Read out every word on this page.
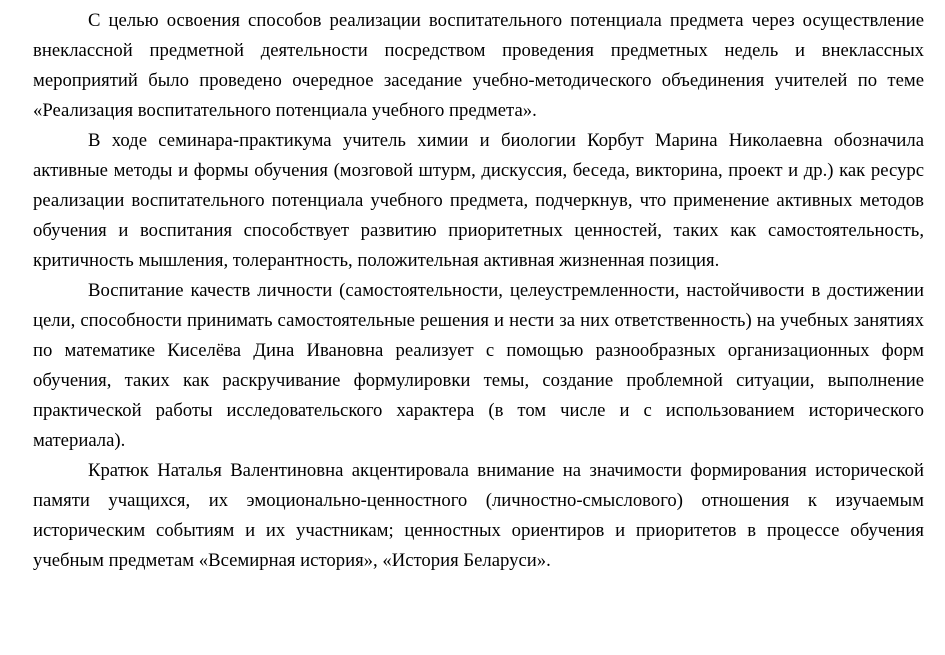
С целью освоения способов реализации воспитательного потенциала предмета через осуществление внеклассной предметной деятельности посредством проведения предметных недель и внеклассных мероприятий было проведено очередное заседание учебно-методического объединения учителей по теме «Реализация воспитательного потенциала учебного предмета».

В ходе семинара-практикума учитель химии и биологии Корбут Марина Николаевна обозначила активные методы и формы обучения (мозговой штурм, дискуссия, беседа, викторина, проект и др.) как ресурс реализации воспитательного потенциала учебного предмета, подчеркнув, что применение активных методов обучения и воспитания способствует развитию приоритетных ценностей, таких как самостоятельность, критичность мышления, толерантность, положительная активная жизненная позиция.

Воспитание качеств личности (самостоятельности, целеустремленности, настойчивости в достижении цели, способности принимать самостоятельные решения и нести за них ответственность) на учебных занятиях по математике Киселёва Дина Ивановна реализует с помощью разнообразных организационных форм обучения, таких как раскручивание формулировки темы, создание проблемной ситуации, выполнение практической работы исследовательского характера (в том числе и с использованием исторического материала).

Кратюк Наталья Валентиновна акцентировала внимание на значимости формирования исторической памяти учащихся, их эмоционально-ценностного (личностно-смыслового) отношения к изучаемым историческим событиям и их участникам; ценностных ориентиров и приоритетов в процессе обучения учебным предметам «Всемирная история», «История Беларуси».
